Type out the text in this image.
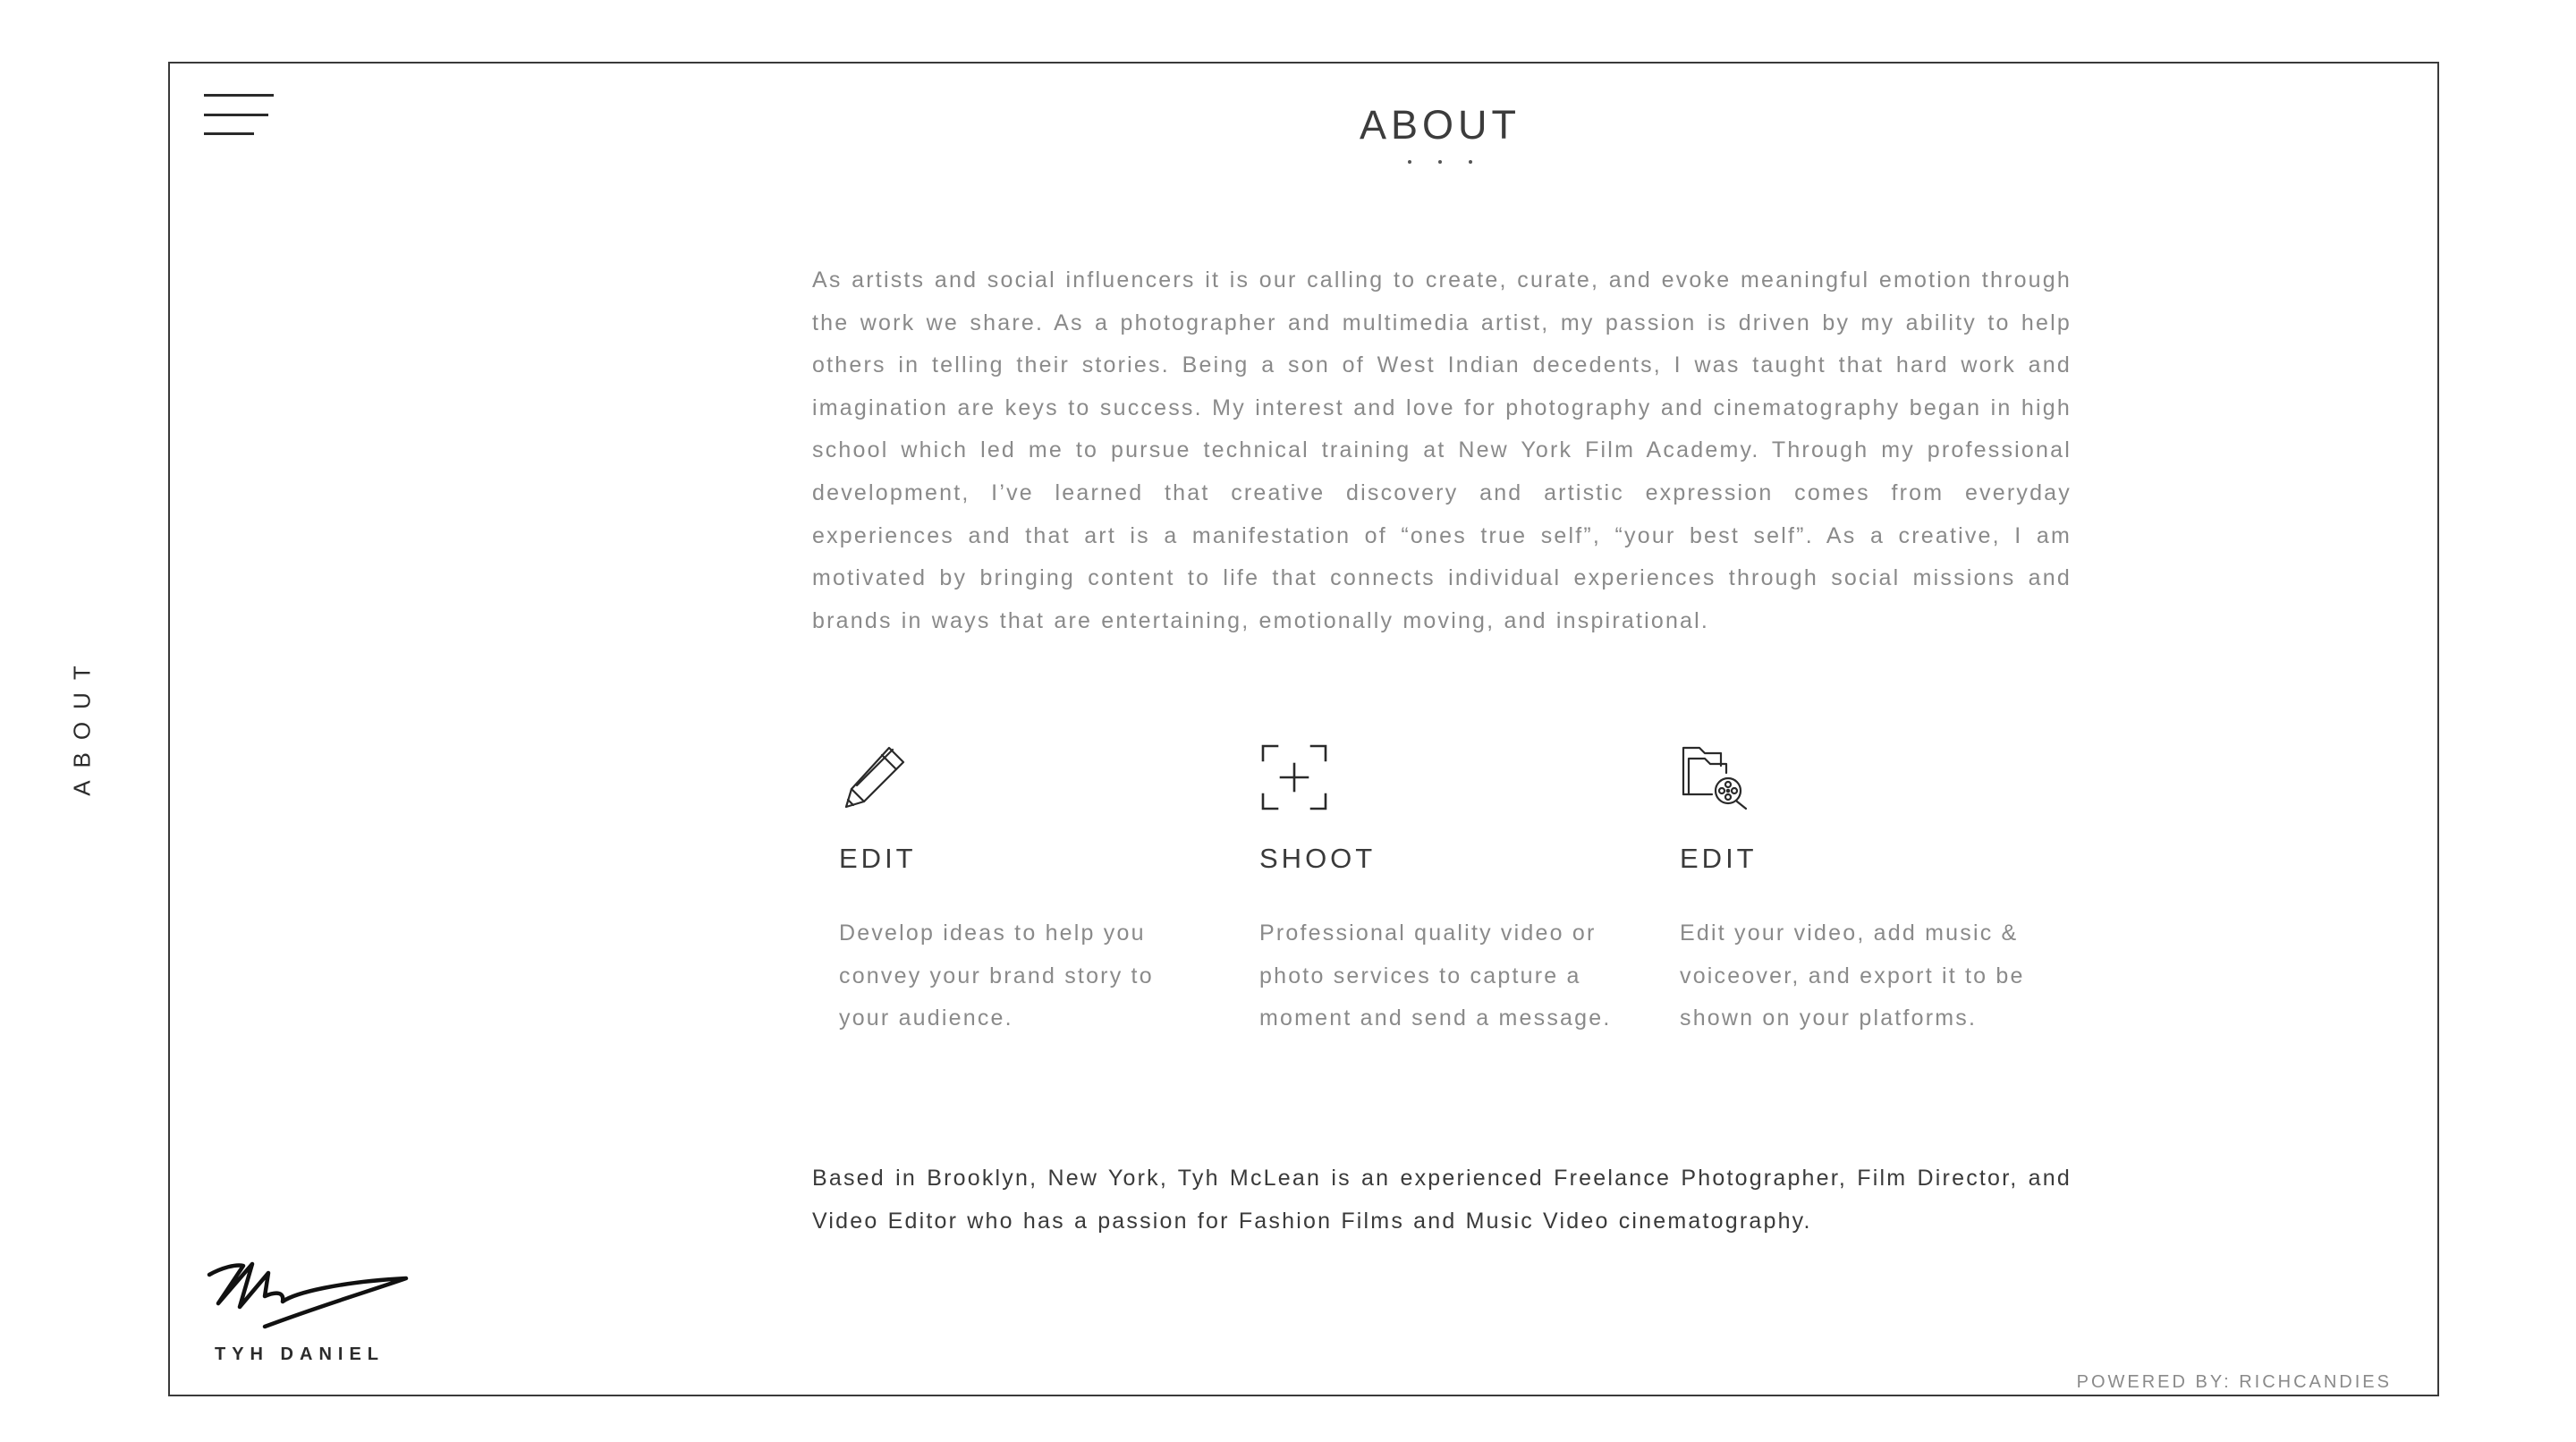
ABOUT
ABOUT

As artists and social influencers it is our calling to create, curate, and evoke meaningful emotion through the work we share. As a photographer and multimedia artist, my passion is driven by my ability to help others in telling their stories. Being a son of West Indian decedents, I was taught that hard work and imagination are keys to success. My interest and love for photography and cinematography began in high school which led me to pursue technical training at New York Film Academy. Through my professional development, I’ve learned that creative discovery and artistic expression comes from everyday experiences and that art is a manifestation of “ones true self”, “your best self”. As a creative, I am motivated by bringing content to life that connects individual experiences through social missions and brands in ways that are entertaining, emotionally moving, and inspirational.

EDIT

Develop ideas to help you convey your brand story to your audience.

SHOOT

Professional quality video or photo services to capture a moment and send a message.

EDIT

Edit your video, add music & voiceover, and export it to be shown on your platforms.

Based in Brooklyn, New York, Tyh McLean is an experienced Freelance Photographer, Film Director, and Video Editor who has a passion for Fashion Films and Music Video cinematography.

TYH DANIEL
POWERED BY: RICHCANDIES
